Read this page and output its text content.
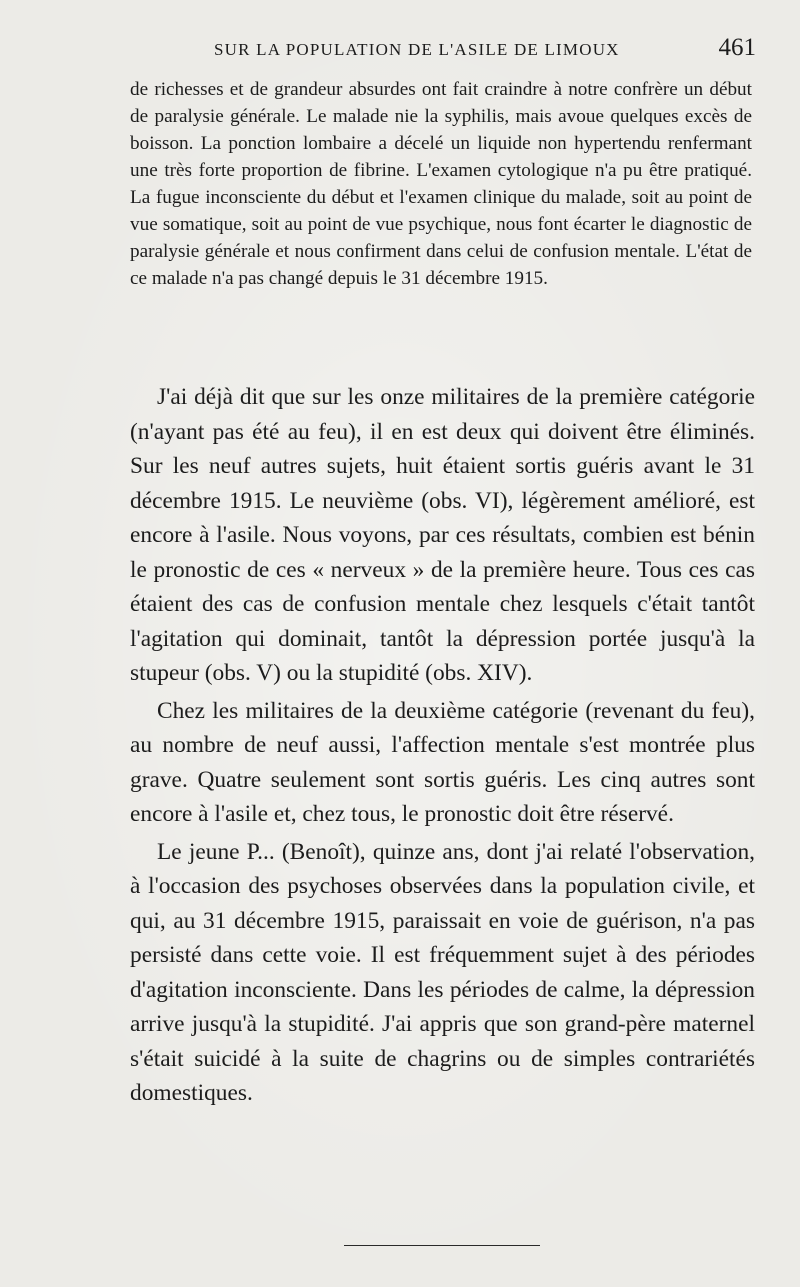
SUR LA POPULATION DE L'ASILE DE LIMOUX	461

de richesses et de grandeur absurdes ont fait craindre à notre confrère un début de paralysie générale. Le malade nie la syphilis, mais avoue quelques excès de boisson. La ponction lombaire a décelé un liquide non hypertendu renfermant une très forte proportion de fibrine. L'examen cytologique n'a pu être pratiqué. La fugue inconsciente du début et l'examen clinique du malade, soit au point de vue somatique, soit au point de vue psychique, nous font écarter le diagnostic de paralysie générale et nous confirment dans celui de confusion mentale. L'état de ce malade n'a pas changé depuis le 31 décembre 1915.

J'ai déjà dit que sur les onze militaires de la première catégorie (n'ayant pas été au feu), il en est deux qui doivent être éliminés. Sur les neuf autres sujets, huit étaient sortis guéris avant le 31 décembre 1915. Le neuvième (obs. VI), légèrement amélioré, est encore à l'asile. Nous voyons, par ces résultats, combien est bénin le pronostic de ces « nerveux » de la première heure. Tous ces cas étaient des cas de confusion mentale chez lesquels c'était tantôt l'agitation qui dominait, tantôt la dépression portée jusqu'à la stupeur (obs. V) ou la stupidité (obs. XIV).

Chez les militaires de la deuxième catégorie (revenant du feu), au nombre de neuf aussi, l'affection mentale s'est montrée plus grave. Quatre seulement sont sortis guéris. Les cinq autres sont encore à l'asile et, chez tous, le pronostic doit être réservé.

Le jeune P... (Benoît), quinze ans, dont j'ai relaté l'observation, à l'occasion des psychoses observées dans la population civile, et qui, au 31 décembre 1915, paraissait en voie de guérison, n'a pas persisté dans cette voie. Il est fréquemment sujet à des périodes d'agitation inconsciente. Dans les périodes de calme, la dépression arrive jusqu'à la stupidité. J'ai appris que son grand-père maternel s'était suicidé à la suite de chagrins ou de simples contrariétés domestiques.
